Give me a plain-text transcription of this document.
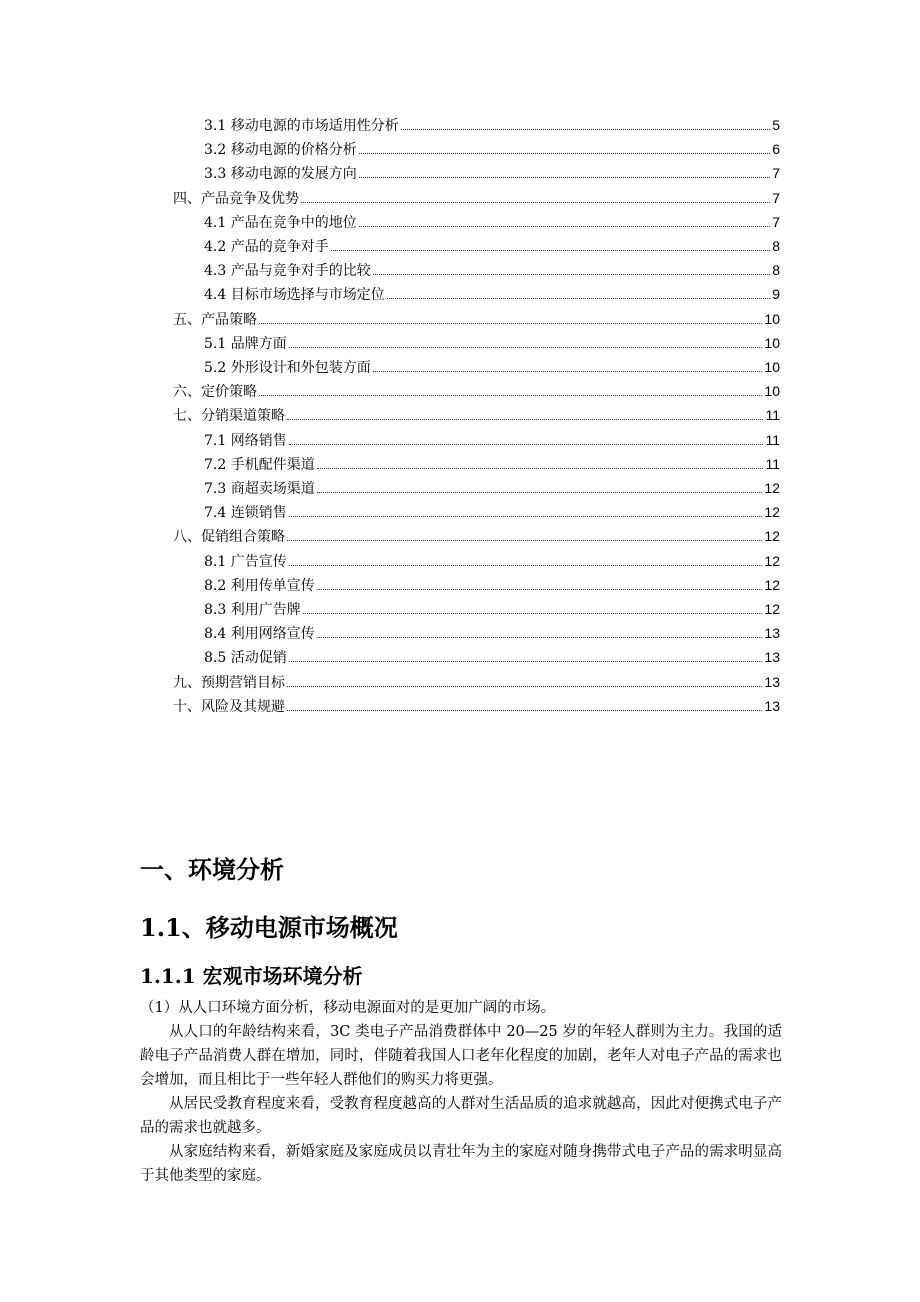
3.1 移动电源的市场适用性分析	5
3.2 移动电源的价格分析	6
3.3 移动电源的发展方向	7
四、产品竞争及优势	7
4.1 产品在竞争中的地位	7
4.2 产品的竞争对手	8
4.3 产品与竞争对手的比较	8
4.4 目标市场选择与市场定位	9
五、产品策略	10
5.1 品牌方面	10
5.2 外形设计和外包装方面	10
六、定价策略	10
七、分销渠道策略	11
7.1 网络销售	11
7.2 手机配件渠道	11
7.3 商超卖场渠道	12
7.4 连锁销售	12
八、促销组合策略	12
8.1 广告宣传	12
8.2 利用传单宣传	12
8.3 利用广告牌	12
8.4 利用网络宣传	13
8.5 活动促销	13
九、预期营销目标	13
十、风险及其规避	13
一、环境分析
1.1、移动电源市场概况
1.1.1 宏观市场环境分析

（1）从人口环境方面分析，移动电源面对的是更加广阔的市场。

从人口的年龄结构来看，3C 类电子产品消费群体中 20—25 岁的年轻人群则为主力。我国的适龄电子产品消费人群在增加，同时，伴随着我国人口老年化程度的加剧，老年人对电子产品的需求也会增加，而且相比于一些年轻人群他们的购买力将更强。

从居民受教育程度来看，受教育程度越高的人群对生活品质的追求就越高，因此对便携式电子产品的需求也就越多。

从家庭结构来看，新婚家庭及家庭成员以青壮年为主的家庭对随身携带式电子产品的需求明显高于其他类型的家庭。
